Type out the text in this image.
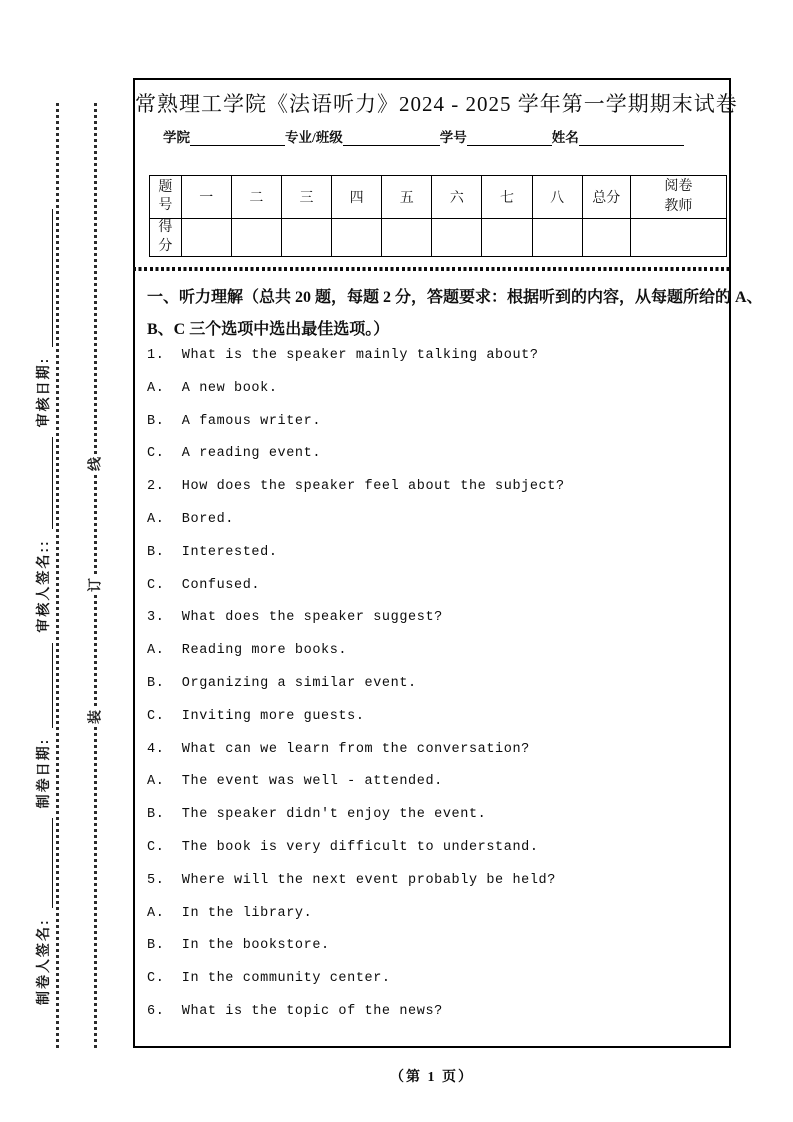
制卷人签名:
制卷日期:
审核人签名::
审核日期:
线
订
装
常熟理工学院《法语听力》2024 - 2025 学年第一学期期末试卷
学院	专业/班级	学号	姓名
题号	一	二	三	四	五	六	七	八	总分	阅卷教师
得分										
一、听力理解（总共 20 题，每题 2 分，答题要求：根据听到的内容，从每题所给的 A、
B、C 三个选项中选出最佳选项。）
1.  What is the speaker mainly talking about?
A.  A new book.
B.  A famous writer.
C.  A reading event.
2.  How does the speaker feel about the subject?
A.  Bored.
B.  Interested.
C.  Confused.
3.  What does the speaker suggest?
A.  Reading more books.
B.  Organizing a similar event.
C.  Inviting more guests.
4.  What can we learn from the conversation?
A.  The event was well - attended.
B.  The speaker didn't enjoy the event.
C.  The book is very difficult to understand.
5.  Where will the next event probably be held?
A.  In the library.
B.  In the bookstore.
C.  In the community center.
6.  What is the topic of the news?
（第 1 页）
